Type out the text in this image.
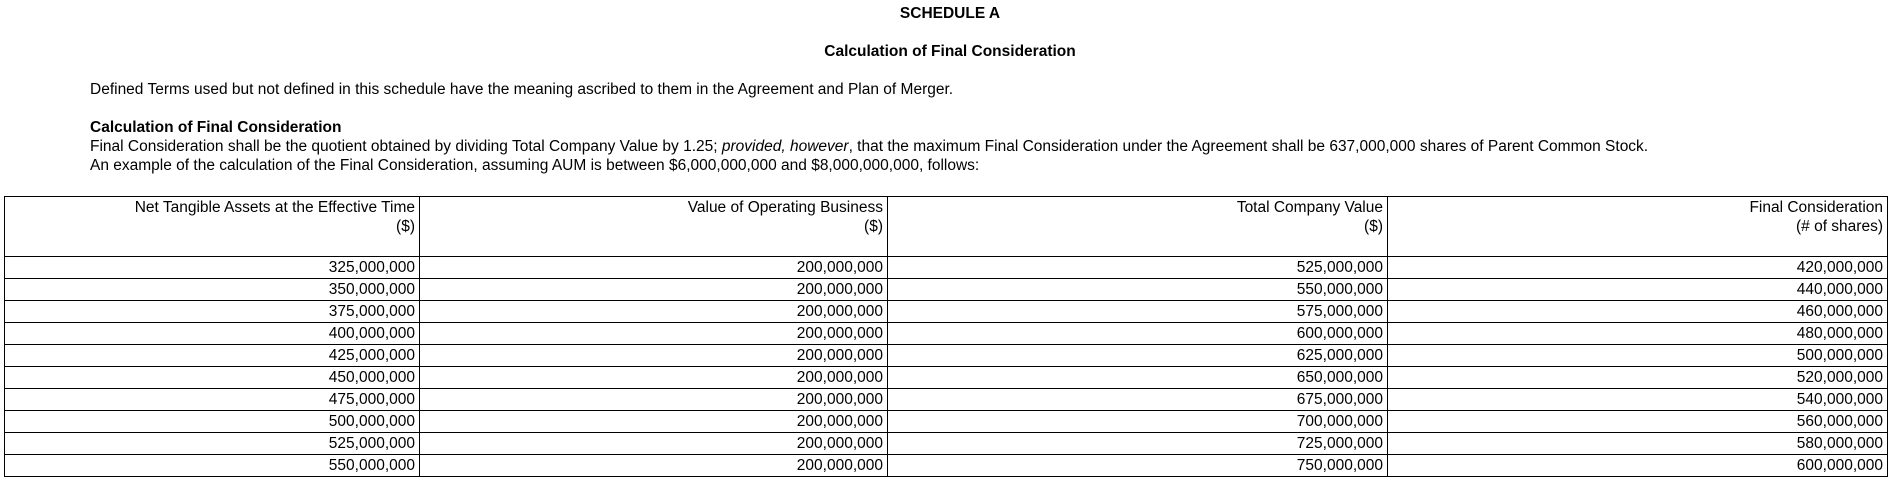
SCHEDULE A
Calculation of Final Consideration
Defined Terms used but not defined in this schedule have the meaning ascribed to them in the Agreement and Plan of Merger.
Calculation of Final Consideration
Final Consideration shall be the quotient obtained by dividing Total Company Value by 1.25; provided, however, that the maximum Final Consideration under the Agreement shall be 637,000,000 shares of Parent Common Stock.
An example of the calculation of the Final Consideration, assuming AUM is between $6,000,000,000 and $8,000,000,000, follows:
Net Tangible Assets at the Effective Time
($)	Value of Operating Business
($)	Total Company Value
($)	Final Consideration
(# of shares)
325,000,000	200,000,000	525,000,000	420,000,000
350,000,000	200,000,000	550,000,000	440,000,000
375,000,000	200,000,000	575,000,000	460,000,000
400,000,000	200,000,000	600,000,000	480,000,000
425,000,000	200,000,000	625,000,000	500,000,000
450,000,000	200,000,000	650,000,000	520,000,000
475,000,000	200,000,000	675,000,000	540,000,000
500,000,000	200,000,000	700,000,000	560,000,000
525,000,000	200,000,000	725,000,000	580,000,000
550,000,000	200,000,000	750,000,000	600,000,000
